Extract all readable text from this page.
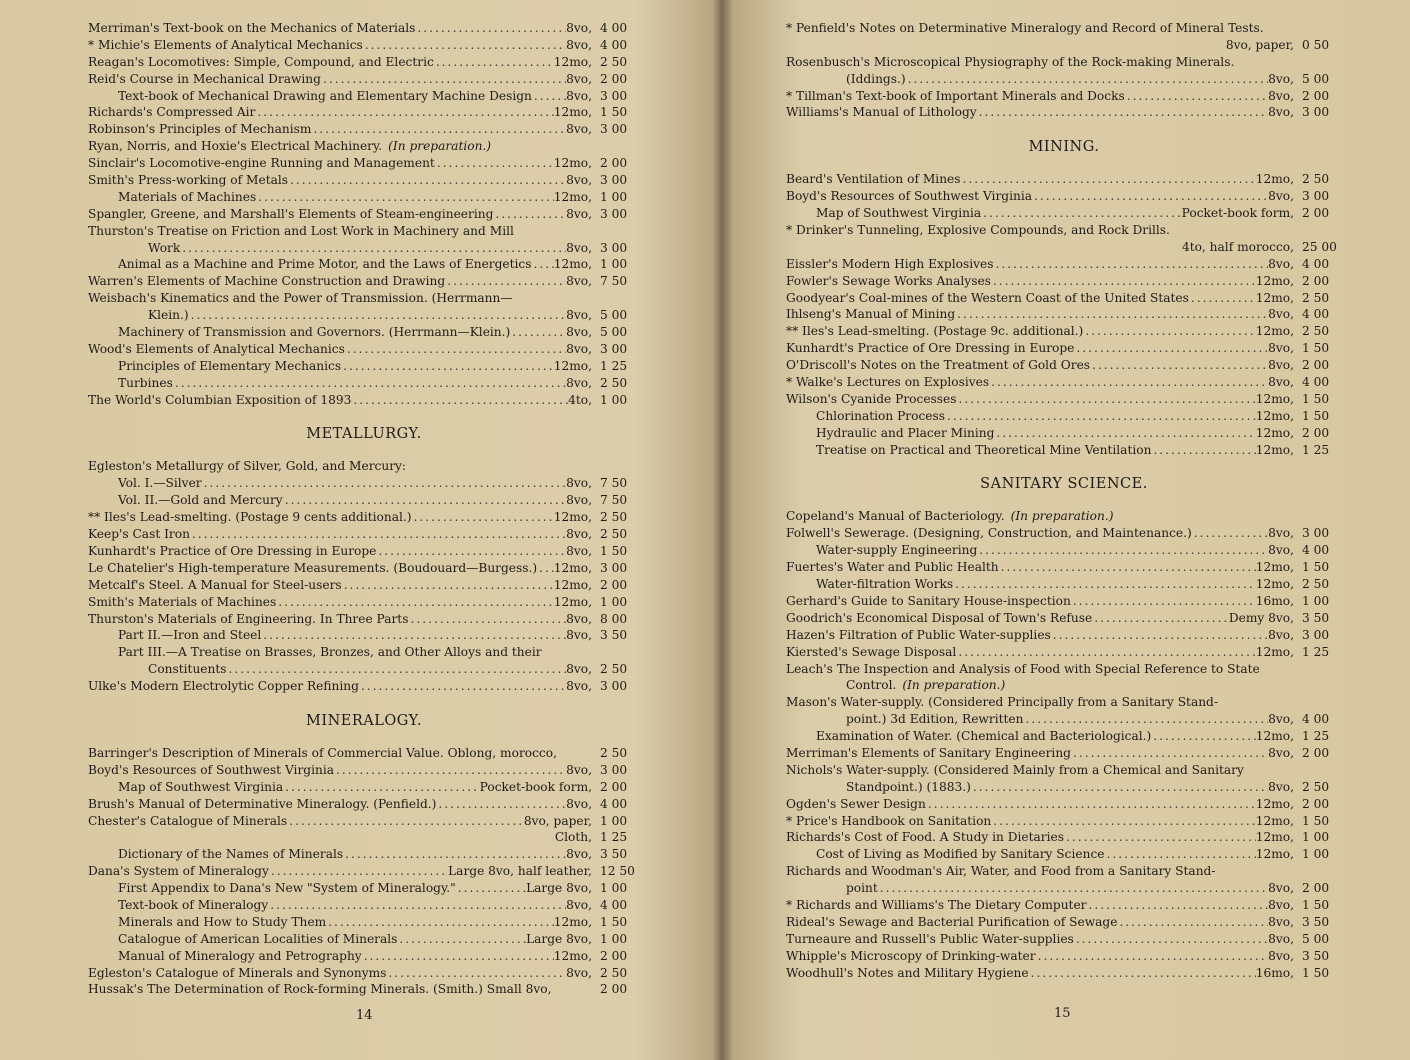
Merriman's Text-book on the Mechanics of Materials .....	8vo, 4 00
* Michie's Elements of Analytical Mechanics .....	8vo, 4 00
Reagan's Locomotives: Simple, Compound, and Electric .....	12mo, 2 50
Reid's Course in Mechanical Drawing .....	8vo, 2 00
Text-book of Mechanical Drawing and Elementary Machine Design .....	8vo, 3 00
Richards's Compressed Air .....	12mo, 1 50
Robinson's Principles of Mechanism .....	8vo, 3 00
Ryan, Norris, and Hoxie's Electrical Machinery. (In preparation.)
Sinclair's Locomotive-engine Running and Management .....	12mo, 2 00
Smith's Press-working of Metals .....	8vo, 3 00
Materials of Machines .....	12mo, 1 00
Spangler, Greene, and Marshall's Elements of Steam-engineering .....	8vo, 3 00
Thurston's Treatise on Friction and Lost Work in Machinery and Mill
Work .....	8vo, 3 00
Animal as a Machine and Prime Motor, and the Laws of Energetics ..... 12mo, 1 00
Warren's Elements of Machine Construction and Drawing .....	8vo, 7 50
Weisbach's Kinematics and the Power of Transmission. (Herrmann—
Klein.) .....	8vo, 5 00
Machinery of Transmission and Governors. (Herrmann—Klein.) .....	8vo, 5 00
Wood's Elements of Analytical Mechanics .....	8vo, 3 00
Principles of Elementary Mechanics .....	12mo, 1 25
Turbines .....	8vo, 2 50
The World's Columbian Exposition of 1893 .....	4to, 1 00
METALLURGY.
Egleston's Metallurgy of Silver, Gold, and Mercury:
Vol. I.—Silver .....	8vo, 7 50
Vol. II.—Gold and Mercury .....	8vo, 7 50
** Iles's Lead-smelting. (Postage 9 cents additional.) .....	12mo, 2 50
Keep's Cast Iron .....	8vo, 2 50
Kunhardt's Practice of Ore Dressing in Europe .....	8vo, 1 50
Le Chatelier's High-temperature Measurements. (Boudouard—Burgess.) ..... 12mo, 3 00
Metcalf's Steel. A Manual for Steel-users .....	12mo, 2 00
Smith's Materials of Machines .....	12mo, 1 00
Thurston's Materials of Engineering. In Three Parts .....	8vo, 8 00
Part II.—Iron and Steel .....	8vo, 3 50
Part III.—A Treatise on Brasses, Bronzes, and Other Alloys and their
Constituents .....	8vo, 2 50
Ulke's Modern Electrolytic Copper Refining .....	8vo, 3 00
MINERALOGY.
Barringer's Description of Minerals of Commercial Value. Oblong, morocco,	2 50
Boyd's Resources of Southwest Virginia .....	8vo, 3 00
Map of Southwest Virginia .....	Pocket-book form, 2 00
Brush's Manual of Determinative Mineralogy. (Penfield.) .....	8vo, 4 00
Chester's Catalogue of Minerals .....	8vo, paper, 1 00
Cloth, 1 25
Dictionary of the Names of Minerals .....	8vo, 3 50
Dana's System of Mineralogy .....	Large 8vo, half leather, 12 50
First Appendix to Dana's New "System of Mineralogy." .....	Large 8vo, 1 00
Text-book of Mineralogy .....	8vo, 4 00
Minerals and How to Study Them .....	12mo, 1 50
Catalogue of American Localities of Minerals .....	Large 8vo, 1 00
Manual of Mineralogy and Petrography .....	12mo, 2 00
Egleston's Catalogue of Minerals and Synonyms .....	8vo, 2 50
Hussak's The Determination of Rock-forming Minerals. (Smith.) Small 8vo,	2 00
14
* Penfield's Notes on Determinative Mineralogy and Record of Mineral Tests.
8vo, paper, 0 50
Rosenbusch's Microscopical Physiography of the Rock-making Minerals.
(Iddings.) .....	8vo, 5 00
* Tillman's Text-book of Important Minerals and Docks .....	8vo, 2 00
Williams's Manual of Lithology .....	8vo, 3 00
MINING.
Beard's Ventilation of Mines .....	12mo, 2 50
Boyd's Resources of Southwest Virginia .....	8vo, 3 00
Map of Southwest Virginia .....	Pocket-book form, 2 00
* Drinker's Tunneling, Explosive Compounds, and Rock Drills.
4to, half morocco, 25 00
Eissler's Modern High Explosives .....	8vo, 4 00
Fowler's Sewage Works Analyses .....	12mo, 2 00
Goodyear's Coal-mines of the Western Coast of the United States .....	12mo, 2 50
Ihlseng's Manual of Mining .....	8vo, 4 00
** Iles's Lead-smelting. (Postage 9c. additional.) .....	12mo, 2 50
Kunhardt's Practice of Ore Dressing in Europe .....	8vo, 1 50
O'Driscoll's Notes on the Treatment of Gold Ores .....	8vo, 2 00
* Walke's Lectures on Explosives .....	8vo, 4 00
Wilson's Cyanide Processes .....	12mo, 1 50
Chlorination Process .....	12mo, 1 50
Hydraulic and Placer Mining .....	12mo, 2 00
Treatise on Practical and Theoretical Mine Ventilation .....	12mo, 1 25
SANITARY SCIENCE.
Copeland's Manual of Bacteriology. (In preparation.)
Folwell's Sewerage. (Designing, Construction, and Maintenance.) .....	8vo, 3 00
Water-supply Engineering .....	8vo, 4 00
Fuertes's Water and Public Health .....	12mo, 1 50
Water-filtration Works .....	12mo, 2 50
Gerhard's Guide to Sanitary House-inspection .....	16mo, 1 00
Goodrich's Economical Disposal of Town's Refuse .....	Demy 8vo, 3 50
Hazen's Filtration of Public Water-supplies .....	8vo, 3 00
Kiersted's Sewage Disposal .....	12mo, 1 25
Leach's The Inspection and Analysis of Food with Special Reference to State
Control. (In preparation.)
Mason's Water-supply. (Considered Principally from a Sanitary Stand-
point.) 3d Edition, Rewritten .....	8vo, 4 00
Examination of Water. (Chemical and Bacteriological.) .....	12mo, 1 25
Merriman's Elements of Sanitary Engineering .....	8vo, 2 00
Nichols's Water-supply. (Considered Mainly from a Chemical and Sanitary
Standpoint.) (1883.) .....	8vo, 2 50
Ogden's Sewer Design .....	12mo, 2 00
* Price's Handbook on Sanitation .....	12mo, 1 50
Richards's Cost of Food. A Study in Dietaries .....	12mo, 1 00
Cost of Living as Modified by Sanitary Science .....	12mo, 1 00
Richards and Woodman's Air, Water, and Food from a Sanitary Stand-
point .....	8vo, 2 00
* Richards and Williams's The Dietary Computer .....	8vo, 1 50
Rideal's Sewage and Bacterial Purification of Sewage .....	8vo, 3 50
Turneaure and Russell's Public Water-supplies .....	8vo, 5 00
Whipple's Microscopy of Drinking-water .....	8vo, 3 50
Woodhull's Notes and Military Hygiene .....	16mo, 1 50
15
